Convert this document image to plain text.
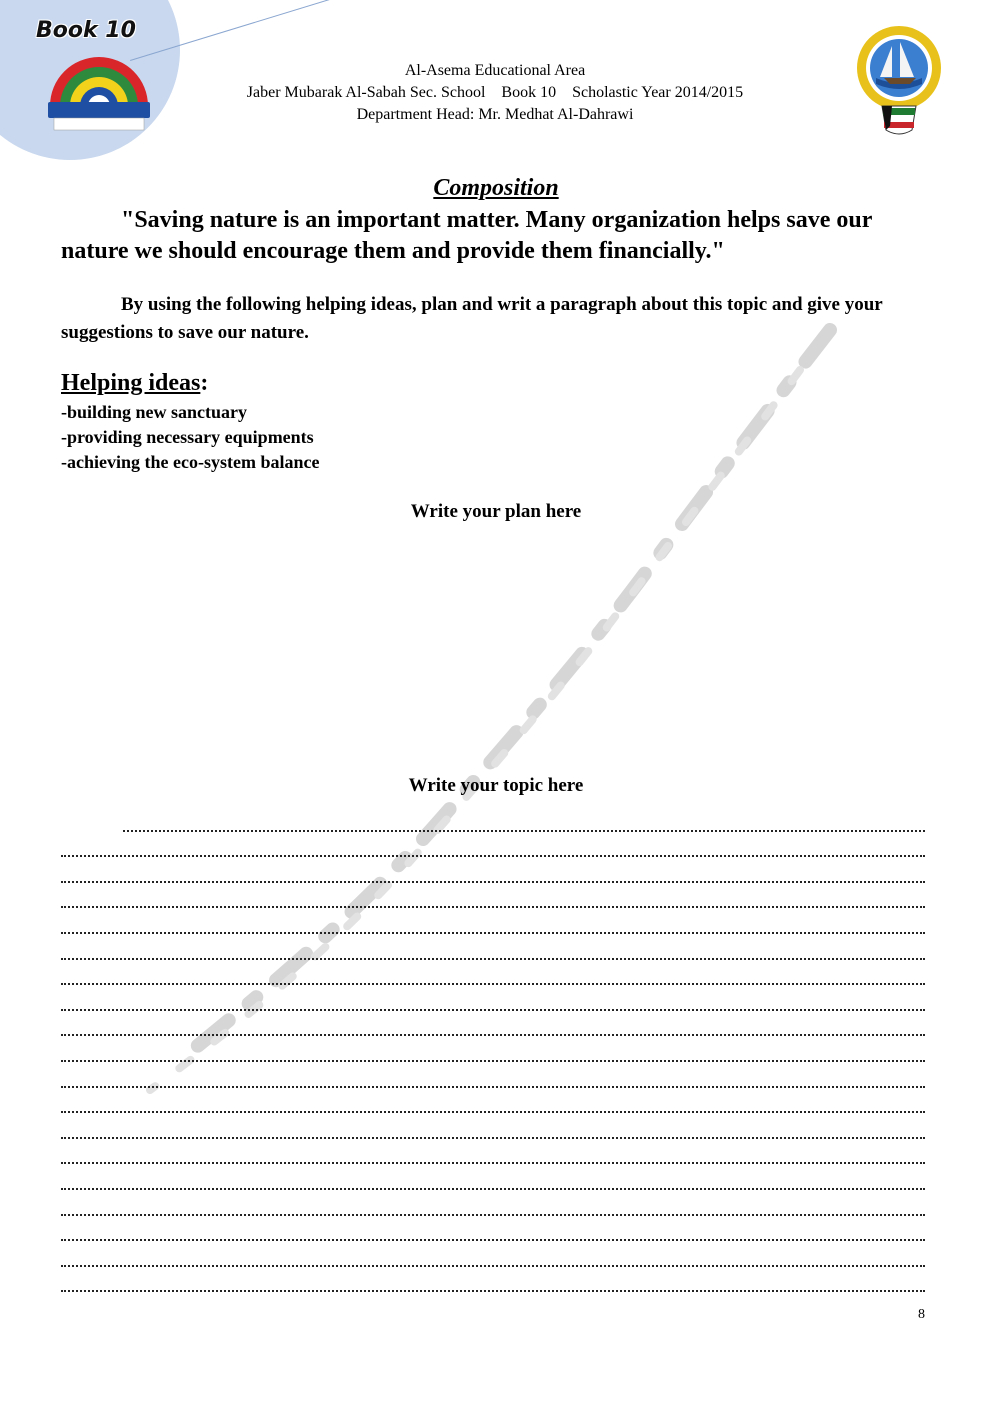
Book 10
Al-Asema Educational Area
Jaber Mubarak Al-Sabah Sec. School Book 10 Scholastic Year 2014/2015
Department Head: Mr. Medhat Al-Dahrawi
Composition
"Saving nature is an important matter. Many organization helps save our nature we should encourage them and provide them financially."
By using the following helping ideas, plan and writ a paragraph about this topic and give your suggestions to save our nature.
Helping ideas:
-building new sanctuary
-providing necessary equipments
-achieving the eco-system balance
Write your plan here
Write your topic here
8
